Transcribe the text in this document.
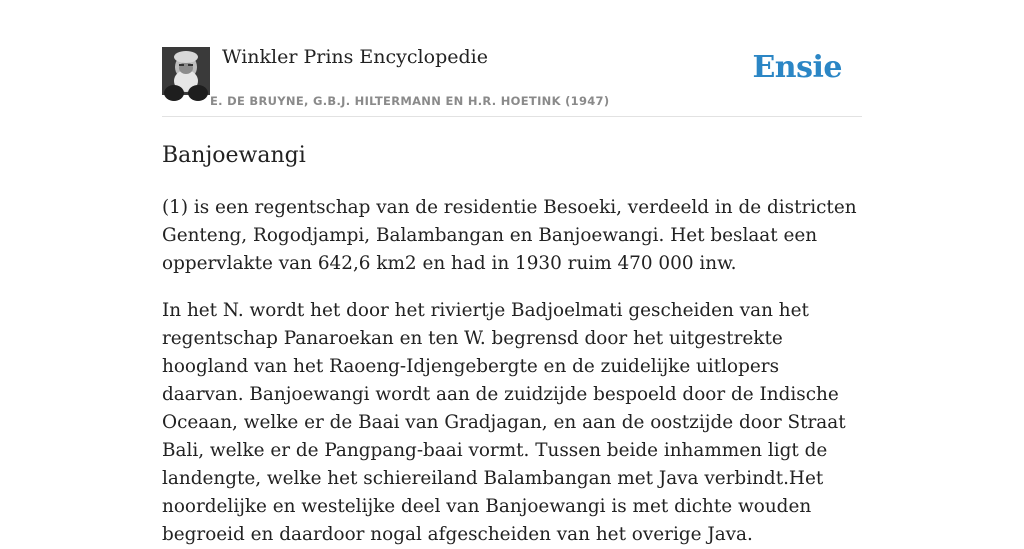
Winkler Prins Encyclopedie
E. DE BRUYNE, G.B.J. HILTERMANN EN H.R. HOETINK (1947)
Ensie
Banjoewangi

(1) is een regentschap van de residentie Besoeki, verdeeld in de districten Genteng, Rogodjampi, Balambangan en Banjoewangi. Het beslaat een oppervlakte van 642,6 km2 en had in 1930 ruim 470 000 inw.

In het N. wordt het door het riviertje Badjoelmati gescheiden van het regentschap Panaroekan en ten W. begrensd door het uitgestrekte hoogland van het Raoeng-Idjengebergte en de zuidelijke uitlopers daarvan. Banjoewangi wordt aan de zuidzijde bespoeld door de Indische Oceaan, welke er de Baai van Gradjagan, en aan de oostzijde door Straat Bali, welke er de Pangpang-baai vormt. Tussen beide inhammen ligt de landengte, welke het schiereiland Balambangan met Java verbindt.Het noordelijke en westelijke deel van Banjoewangi is met dichte wouden begroeid en daardoor nogal afgescheiden van het overige Java.
